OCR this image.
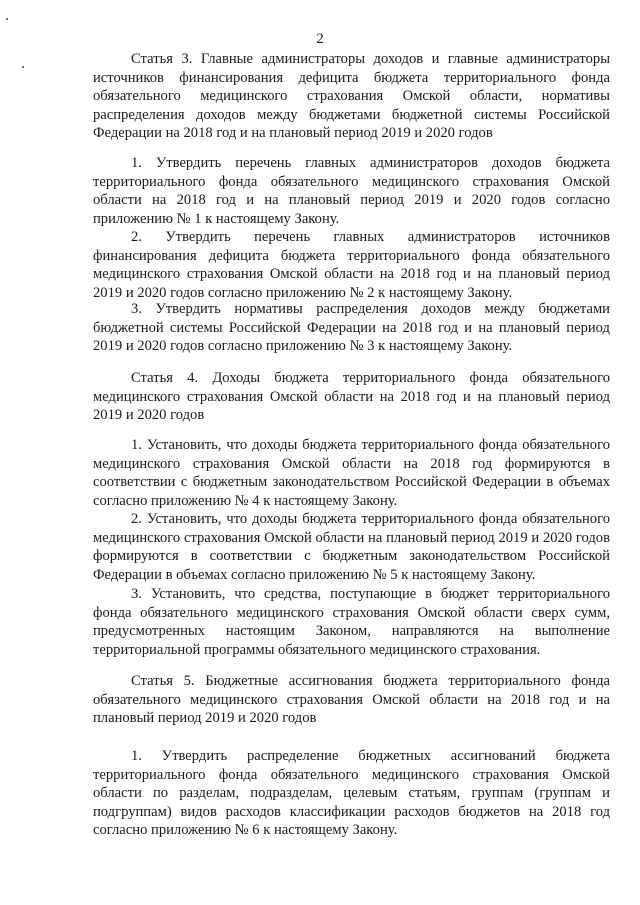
2

Статья 3. Главные администраторы доходов и главные администраторы источников финансирования дефицита бюджета территориального фонда обязательного медицинского страхования Омской области, нормативы распределения доходов между бюджетами бюджетной системы Российской Федерации на 2018 год и на плановый период 2019 и 2020 годов

1. Утвердить перечень главных администраторов доходов бюджета территориального фонда обязательного медицинского страхования Омской области на 2018 год и на плановый период 2019 и 2020 годов согласно приложению № 1 к настоящему Закону.

2. Утвердить перечень главных администраторов источников финансирования дефицита бюджета территориального фонда обязательного медицинского страхования Омской области на 2018 год и на плановый период 2019 и 2020 годов согласно приложению № 2 к настоящему Закону.

3. Утвердить нормативы распределения доходов между бюджетами бюджетной системы Российской Федерации на 2018 год и на плановый период 2019 и 2020 годов согласно приложению № 3 к настоящему Закону.

Статья 4. Доходы бюджета территориального фонда обязательного медицинского страхования Омской области на 2018 год и на плановый период 2019 и 2020 годов

1. Установить, что доходы бюджета территориального фонда обязательного медицинского страхования Омской области на 2018 год формируются в соответствии с бюджетным законодательством Российской Федерации в объемах согласно приложению № 4 к настоящему Закону.

2. Установить, что доходы бюджета территориального фонда обязательного медицинского страхования Омской области на плановый период 2019 и 2020 годов формируются в соответствии с бюджетным законодательством Российской Федерации в объемах согласно приложению № 5 к настоящему Закону.

3. Установить, что средства, поступающие в бюджет территориального фонда обязательного медицинского страхования Омской области сверх сумм, предусмотренных настоящим Законом, направляются на выполнение территориальной программы обязательного медицинского страхования.

Статья 5. Бюджетные ассигнования бюджета территориального фонда обязательного медицинского страхования Омской области на 2018 год и на плановый период 2019 и 2020 годов

1. Утвердить распределение бюджетных ассигнований бюджета территориального фонда обязательного медицинского страхования Омской области по разделам, подразделам, целевым статьям, группам (группам и подгруппам) видов расходов классификации расходов бюджетов на 2018 год согласно приложению № 6 к настоящему Закону.
